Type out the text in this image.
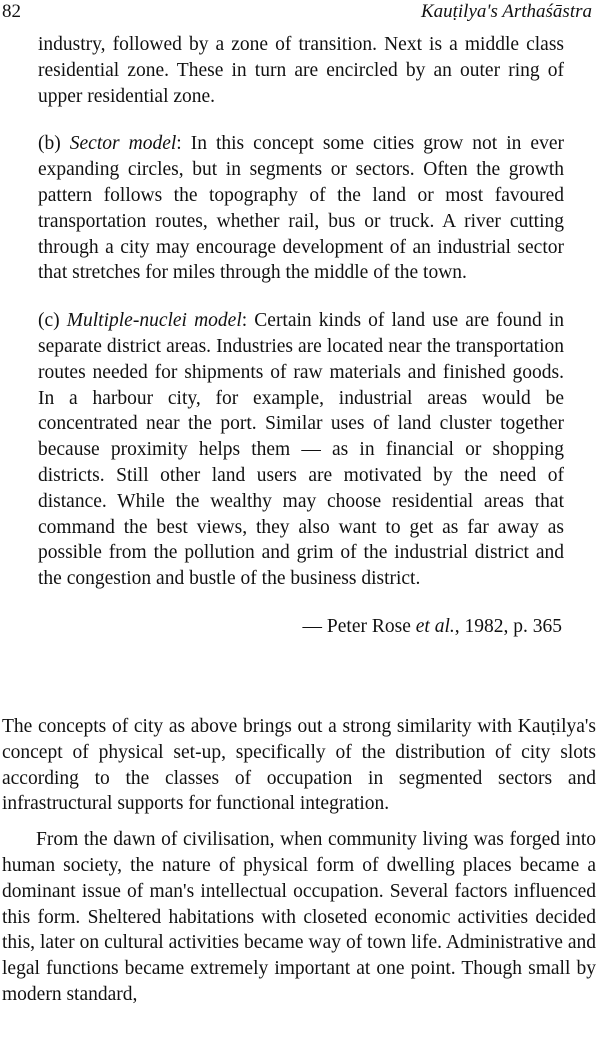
82	Kauṭilya's Arthaśāstra

industry, followed by a zone of transition. Next is a middle class residential zone. These in turn are encircled by an outer ring of upper residential zone.

(b) Sector model: In this concept some cities grow not in ever expanding circles, but in segments or sectors. Often the growth pattern follows the topography of the land or most favoured transportation routes, whether rail, bus or truck. A river cutting through a city may encourage development of an industrial sector that stretches for miles through the middle of the town.

(c) Multiple-nuclei model: Certain kinds of land use are found in separate district areas. Industries are located near the transportation routes needed for shipments of raw materials and finished goods. In a harbour city, for example, industrial areas would be concentrated near the port. Similar uses of land cluster together because proximity helps them — as in financial or shopping districts. Still other land users are motivated by the need of distance. While the wealthy may choose residential areas that command the best views, they also want to get as far away as possible from the pollution and grim of the industrial district and the congestion and bustle of the business district.

— Peter Rose et al., 1982, p. 365

The concepts of city as above brings out a strong similarity with Kauṭilya's concept of physical set-up, specifically of the distribution of city slots according to the classes of occupation in segmented sectors and infrastructural supports for functional integration.

From the dawn of civilisation, when community living was forged into human society, the nature of physical form of dwelling places became a dominant issue of man's intellectual occupation. Several factors influenced this form. Sheltered habitations with closeted economic activities decided this, later on cultural activities became way of town life. Administrative and legal functions became extremely important at one point. Though small by modern standard,
